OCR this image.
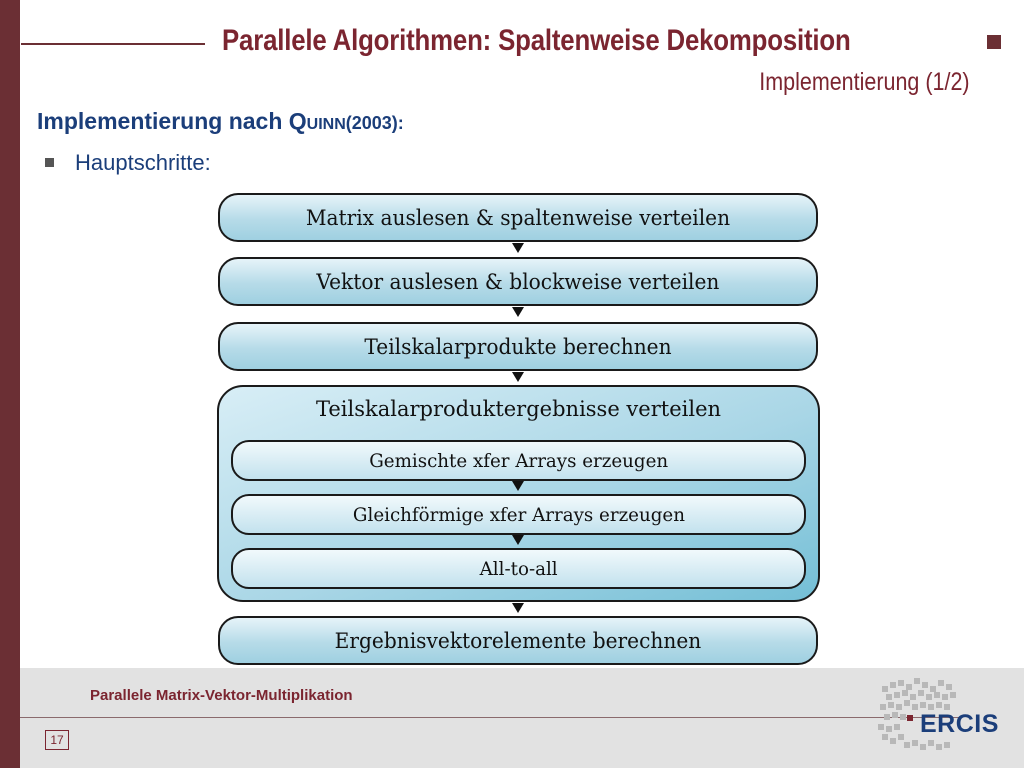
Parallele Algorithmen: Spaltenweise Dekomposition
Implementierung (1/2)
Implementierung nach Quinn(2003):
Hauptschritte:
Matrix auslesen & spaltenweise verteilen
Vektor auslesen & blockweise verteilen
Teilskalarprodukte berechnen
Teilskalarproduktergebnisse verteilen
Gemischte xfer Arrays erzeugen
Gleichförmige xfer Arrays erzeugen
All-to-all
Ergebnisvektorelemente berechnen
Parallele Matrix-Vektor-Multiplikation
17
ERCIS
